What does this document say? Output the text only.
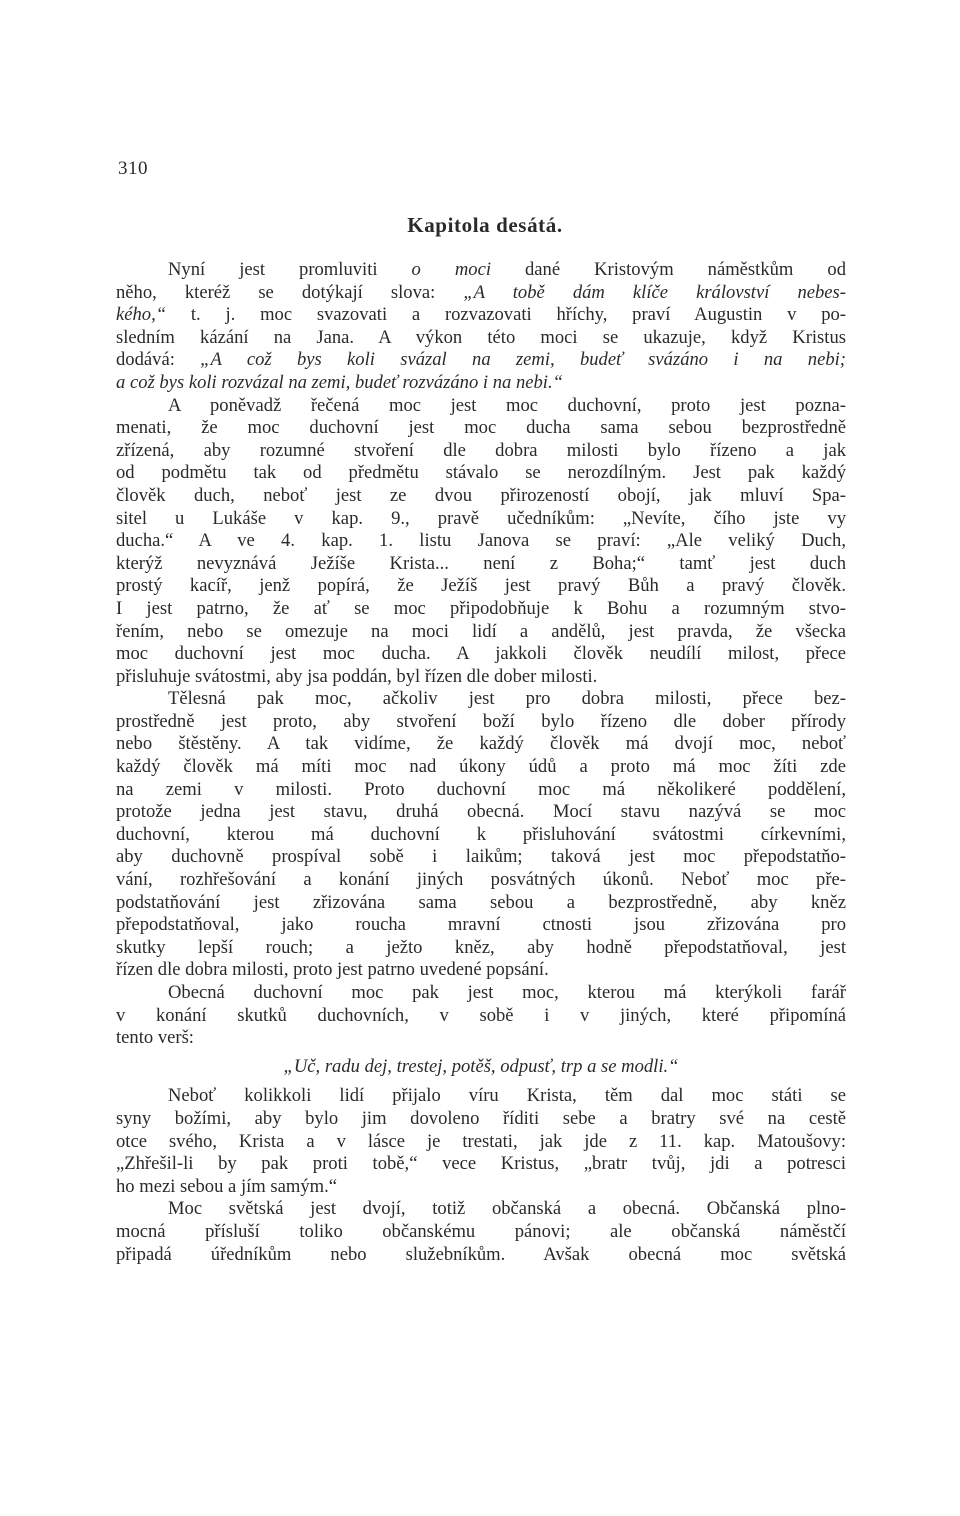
310
Kapitola desátá.
Nyní jest promluviti o moci dané Kristovým náměstkům od
něho, kteréž se dotýkají slova: „A tobě dám klíče království nebes-
kého,“ t. j. moc svazovati a rozvazovati hříchy, praví Augustin v po-
sledním kázání na Jana. A výkon této moci se ukazuje, když Kristus
dodává: „A což bys koli svázal na zemi, budeť svázáno i na nebi;
a což bys koli rozvázal na zemi, budeť rozvázáno i na nebi.“
A poněvadž řečená moc jest moc duchovní, proto jest pozna-
menati, že moc duchovní jest moc ducha sama sebou bezprostředně
zřízená, aby rozumné stvoření dle dobra milosti bylo řízeno a jak
od podmětu tak od předmětu stávalo se nerozdílným. Jest pak každý
člověk duch, neboť jest ze dvou přirozeností obojí, jak mluví Spa-
sitel u Lukáše v kap. 9., pravě učedníkům: „Nevíte, čího jste vy
ducha.“ A ve 4. kap. 1. listu Janova se praví: „Ale veliký Duch,
kterýž nevyznává Ježíše Krista... není z Boha;“ tamť jest duch
prostý kacíř, jenž popírá, že Ježíš jest pravý Bůh a pravý člověk.
I jest patrno, že ať se moc připodobňuje k Bohu a rozumným stvo-
řením, nebo se omezuje na moci lidí a andělů, jest pravda, že všecka
moc duchovní jest moc ducha. A jakkoli člověk neudílí milost, přece
přisluhuje svátostmi, aby jsa poddán, byl řízen dle dober milosti.
Tělesná pak moc, ačkoliv jest pro dobra milosti, přece bez-
prostředně jest proto, aby stvoření boží bylo řízeno dle dober přírody
nebo štěstěny. A tak vidíme, že každý člověk má dvojí moc, neboť
každý člověk má míti moc nad úkony údů a proto má moc žíti zde
na zemi v milosti. Proto duchovní moc má několikeré poddělení,
protože jedna jest stavu, druhá obecná. Mocí stavu nazývá se moc
duchovní, kterou má duchovní k přisluhování svátostmi církevními,
aby duchovně prospíval sobě i laikům; taková jest moc přepodstatňo-
vání, rozhřešování a konání jiných posvátných úkonů. Neboť moc pře-
podstatňování jest zřizována sama sebou a bezprostředně, aby kněz
přepodstatňoval, jako roucha mravní ctnosti jsou zřizována pro
skutky lepší rouch; a ježto kněz, aby hodně přepodstatňoval, jest
řízen dle dobra milosti, proto jest patrno uvedené popsání.
Obecná duchovní moc pak jest moc, kterou má kterýkoli farář
v konání skutků duchovních, v sobě i v jiných, které připomíná
tento verš:
„Uč, radu dej, trestej, potěš, odpusť, trp a se modli.“
Neboť kolikkoli lidí přijalo víru Krista, těm dal moc státi se
syny božími, aby bylo jim dovoleno říditi sebe a bratry své na cestě
otce svého, Krista a v lásce je trestati, jak jde z 11. kap. Matoušovy:
„Zhřešil-li by pak proti tobě,“ vece Kristus, „bratr tvůj, jdi a potresci
ho mezi sebou a jím samým.“
Moc světská jest dvojí, totiž občanská a obecná. Občanská plno-
mocná přísluší toliko občanskému pánovi; ale občanská náměstčí
připadá úředníkům nebo služebníkům. Avšak obecná moc světská
